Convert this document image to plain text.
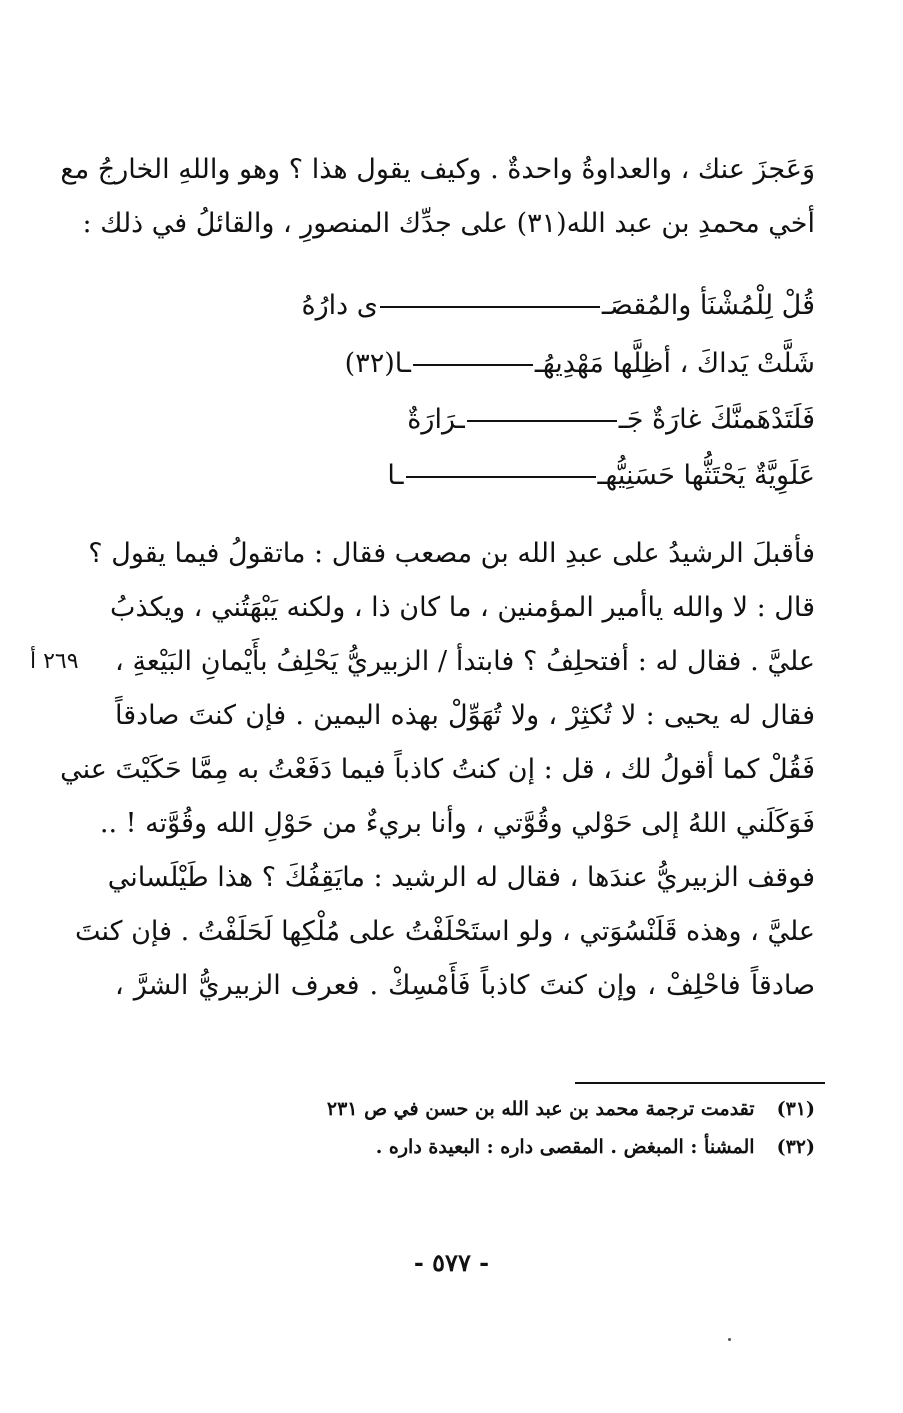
وَعَجزَ عنك ، والعداوةُ واحدةٌ . وكيف يقول هذا ؟ وهو واللهِ الخارجُ مع
أخي محمدِ بن عبد الله(٣١) على جدِّك المنصورِ ، والقائلُ في ذلك :
قُلْ لِلْمُشْنَأ والمُقصَـى دارُهُ
شَلَّتْ يَداكَ ، أظِلَّها مَهْدِيهُــا(٣٢)
فَلَتَدْهَمنَّكَ غارَةٌ جَــرَارَةٌ
عَلَوِيَّةٌ يَحْتَثُّها حَسَنِيُّهــا
فأقبلَ الرشيدُ على عبدِ الله بن مصعب فقال : ماتقولُ فيما يقول ؟
قال : لا والله ياأمير المؤمنين ، ما كان ذا ، ولكنه يَبْهَتُني ، ويكذبُ
عليَّ . فقال له : أفتحلِفُ ؟ فابتدأ / الزبيريُّ يَحْلِفُ بأَيْمانِ البَيْعةِ ،
فقال له يحيى : لا تُكثِرْ ، ولا تُهَوِّلْ بهذه اليمين . فإن كنتَ صادقاً
فَقُلْ كما أقولُ لك ، قل : إن كنتُ كاذباً فيما دَفَعْتُ به مِمَّا حَكَيْتَ عني
فَوَكَلَني اللهُ إلى حَوْلي وقُوَّتي ، وأنا بريءٌ من حَوْلِ الله وقُوَّته ! ..
فوقف الزبيريُّ عندَها ، فقال له الرشيد : مايَقِفُكَ ؟ هذا طَيْلَساني
عليَّ ، وهذه قَلَنْسُوَتي ، ولو استَحْلَفْتُ على مُلْكِها لَحَلَفْتُ . فإن كنتَ
صادقاً فاحْلِفْ ، وإن كنتَ كاذباً فَأَمْسِكْ . فعرف الزبيريُّ الشرَّ ،
٢٦٩ أ
(٣١)تقدمت ترجمة محمد بن عبد الله بن حسن في ص ٢٣١
(٣٢)المشنأ : المبغض . المقصى داره : البعيدة داره .
- ٥٧٧ -
